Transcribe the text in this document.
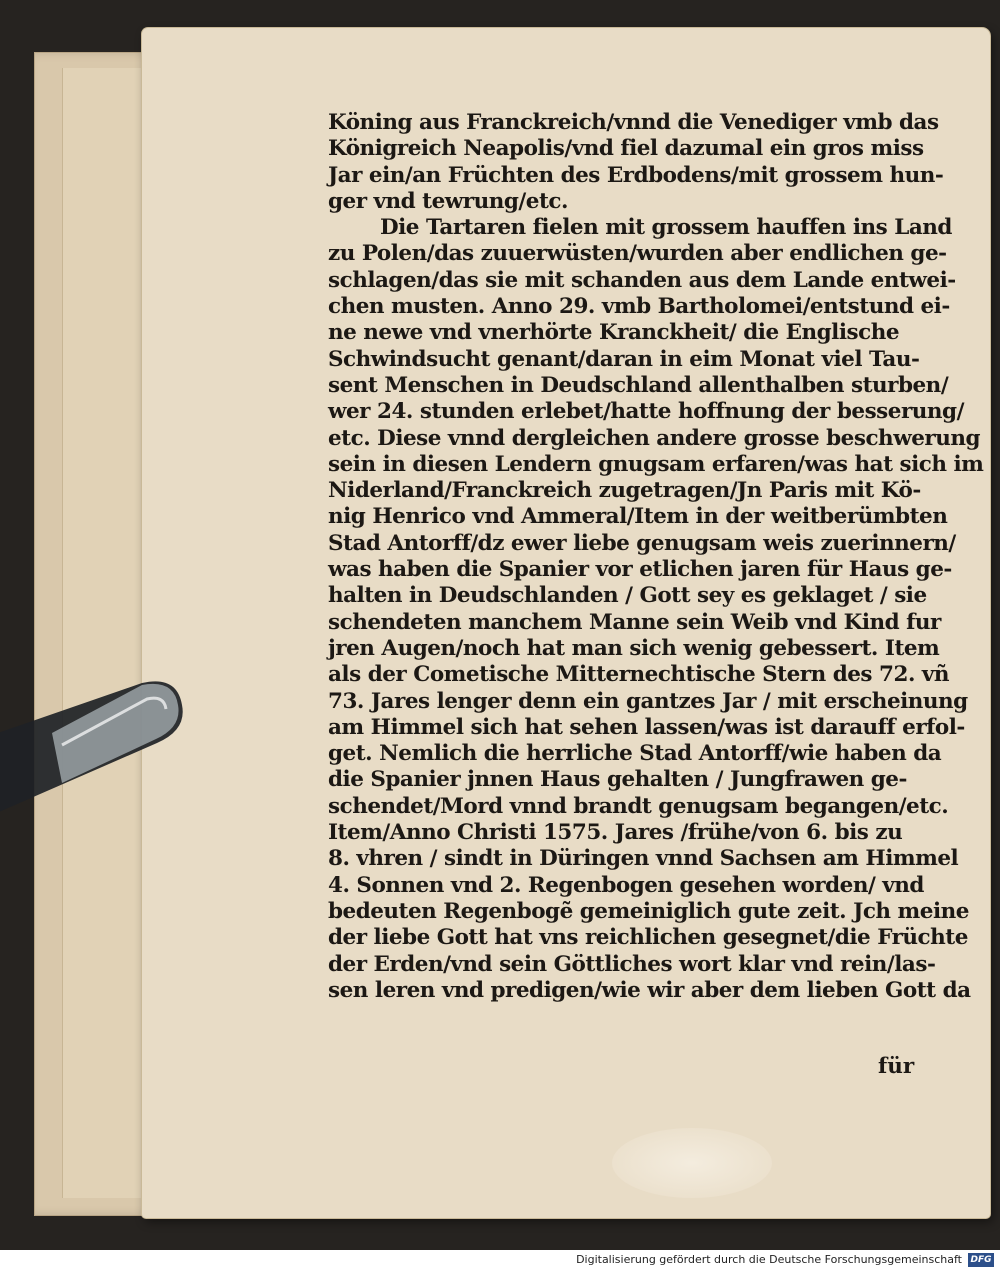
Köning aus Franckreich/vnnd die Venediger vmb das
Königreich Neapolis/vnd fiel dazumal ein gros miss
Jar ein/an Früchten des Erdbodens/mit grossem hun-
ger vnd tewrung/etc.
Die Tartaren fielen mit grossem hauffen ins Land
zu Polen/das zuuerwüsten/wurden aber endlichen ge-
schlagen/das sie mit schanden aus dem Lande entwei-
chen musten. Anno 29. vmb Bartholomei/entstund ei-
ne newe vnd vnerhörte Kranckheit/ die Englische
Schwindsucht genant/daran in eim Monat viel Tau-
sent Menschen in Deudschland allenthalben sturben/
wer 24. stunden erlebet/hatte hoffnung der besserung/
etc. Diese vnnd dergleichen andere grosse beschwerung
sein in diesen Lendern gnugsam erfaren/was hat sich im
Niderland/Franckreich zugetragen/Jn Paris mit Kö-
nig Henrico vnd Ammeral/Item in der weitberümbten
Stad Antorff/dz ewer liebe genugsam weis zuerinnern/
was haben die Spanier vor etlichen jaren für Haus ge-
halten in Deudschlanden / Gott sey es geklaget / sie
schendeten manchem Manne sein Weib vnd Kind fur
jren Augen/noch hat man sich wenig gebessert. Item
als der Cometische Mitternechtische Stern des 72. vñ
73. Jares lenger denn ein gantzes Jar / mit erscheinung
am Himmel sich hat sehen lassen/was ist darauff erfol-
get. Nemlich die herrliche Stad Antorff/wie haben da
die Spanier jnnen Haus gehalten / Jungfrawen ge-
schendet/Mord vnnd brandt genugsam begangen/etc.
Item/Anno Christi 1575. Jares /frühe/von 6. bis zu
8. vhren / sindt in Düringen vnnd Sachsen am Himmel
4. Sonnen vnd 2. Regenbogen gesehen worden/ vnd
bedeuten Regenbogẽ gemeiniglich gute zeit. Jch meine
der liebe Gott hat vns reichlichen gesegnet/die Früchte
der Erden/vnd sein Göttliches wort klar vnd rein/las-
sen leren vnd predigen/wie wir aber dem lieben Gott da
für
Digitalisierung gefördert durch die Deutsche Forschungsgemeinschaft DFG
